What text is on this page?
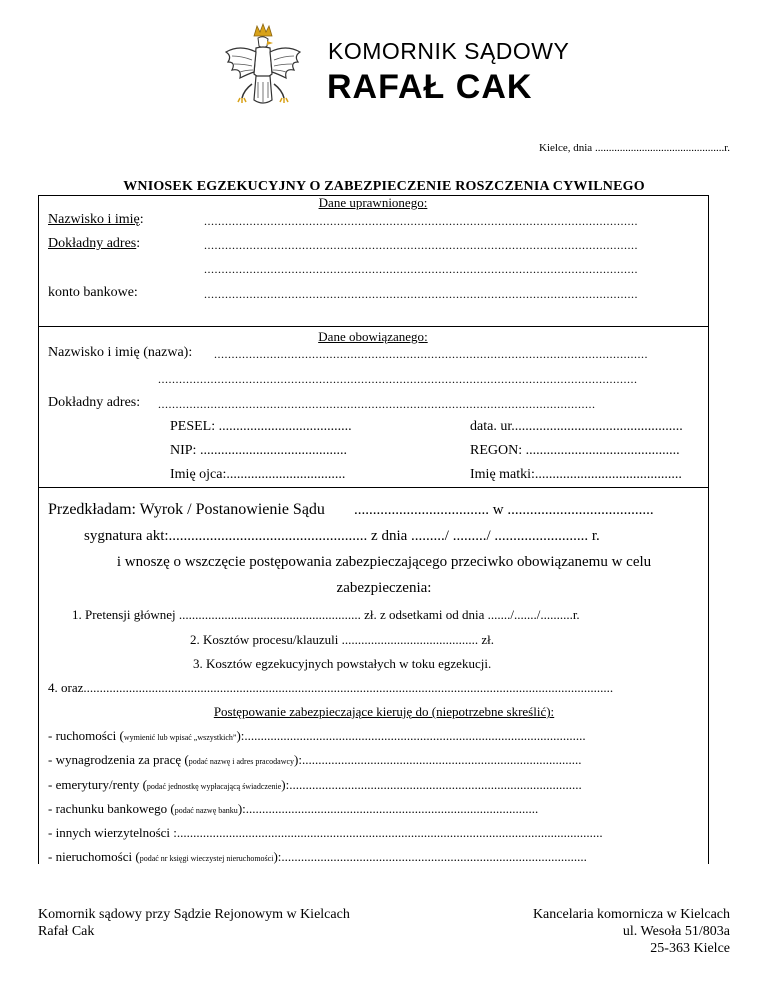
KOMORNIK SĄDOWY
RAFAŁ CAK
Kielce, dnia ...............................................r.
WNIOSEK EGZEKUCYJNY O ZABEZPIECZENIE ROSZCZENIA CYWILNEGO
Dane uprawnionego:
Nazwisko i imię:	............................................................................................................................
Dokładny adres:	............................................................................................................................
............................................................................................................................
konto bankowe:	............................................................................................................................
Dane obowiązanego:
Nazwisko i imię (nazwa): ............................................................................................................................
.........................................................................................................................................
Dokładny adres: .............................................................................................................................
PESEL: ......................................	data. ur.................................................
NIP: ..........................................	REGON: ............................................
Imię ojca:..................................	Imię matki:..........................................
Przedkładam: Wyrok / Postanowienie Sądu .................................... w .......................................
sygnatura akt:..................................................... z dnia ........./ ........./ ......................... r.
i wnoszę o wszczęcie postępowania zabezpieczającego przeciwko obowiązanemu w celu
zabezpieczenia:
1. Pretensji głównej ........................................................ zł. z odsetkami od dnia ......./......./..........r.
2. Kosztów procesu/klauzuli .......................................... zł.
3. Kosztów egzekucyjnych powstałych w toku egzekucji.
4. oraz...................................................................................................................................................................
Postępowanie zabezpieczające kieruję do (niepotrzebne skreślić):
- ruchomości (wymienić lub wpisać „wszystkich”):.........................................................................................................
- wynagrodzenia za pracę (podać nazwę i adres pracodawcy):......................................................................................
- emerytury/renty (podać jednostkę wypłacającą świadczenie):..........................................................................................
- rachunku bankowego (podać nazwę banku):..........................................................................................
- innych wierzytelności :...................................................................................................................................
- nieruchomości (podać nr księgi wieczystej nieruchomości):..............................................................................................
Komornik sądowy przy Sądzie Rejonowym w Kielcach
Rafał Cak
Kancelaria komornicza w Kielcach
ul. Wesoła 51/803a
25-363 Kielce
